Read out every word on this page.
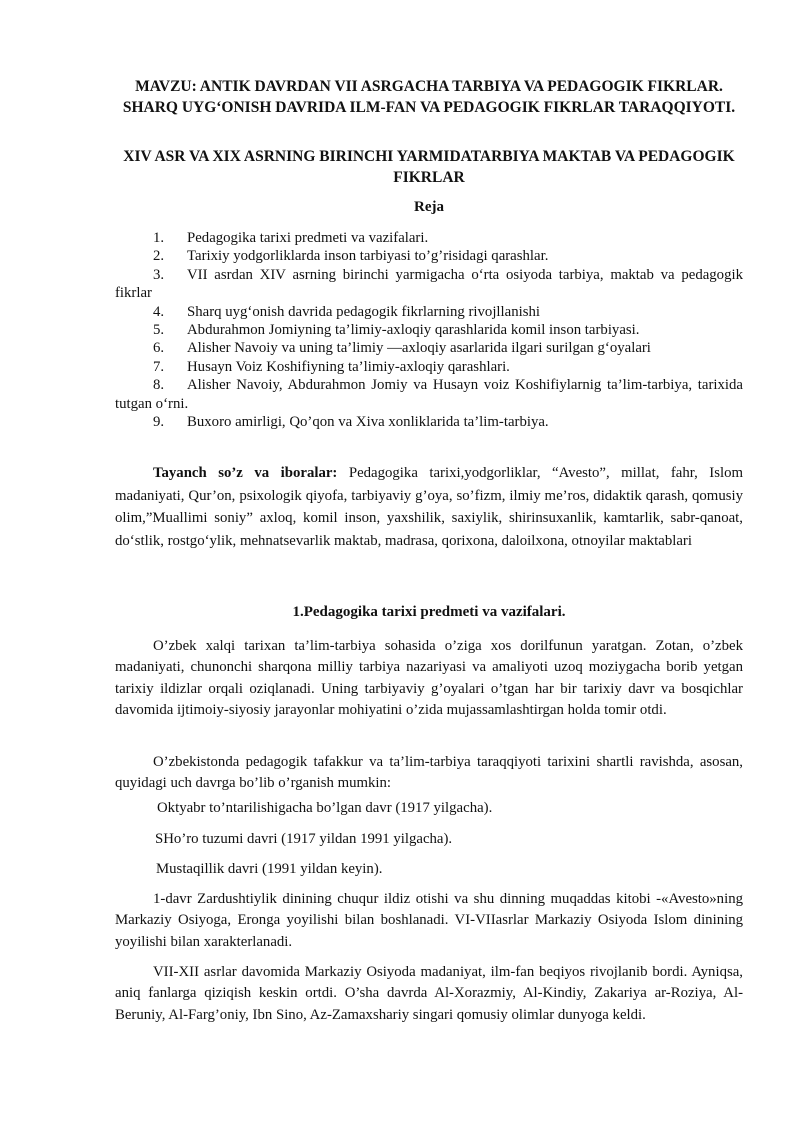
MAVZU: ANTIK DAVRDAN VII ASRGACHA TARBIYA VA PEDAGOGIK FIKRLAR. SHARQ UYG‘ONISH DAVRIDA ILM-FAN VA PEDAGOGIK FIKRLAR TARAQQIYOTI.
XIV ASR VA XIX ASRNING BIRINCHI YARMIDATARBIYA MAKTAB VA PEDAGOGIK FIKRLAR
Reja
1. Pedagogika tarixi predmeti va vazifalari.
2. Tarixiy yodgorliklarda inson tarbiyasi to’g’risidagi qarashlar.
3. VII asrdan XIV asrning birinchi yarmigacha o‘rta osiyoda tarbiya, maktab va pedagogik fikrlar
4. Sharq uyg‘onish davrida pedagogik fikrlarning rivojllanishi
5. Abdurahmon Jomiyning ta’limiy-axloqiy qarashlarida komil inson tarbiyasi.
6. Alisher Navoiy va uning ta’limiy —axloqiy asarlarida ilgari surilgan g‘oyalari
7. Husayn Voiz Koshifiyning ta’limiy-axloqiy qarashlari.
8. Alisher Navoiy, Abdurahmon Jomiy va Husayn voiz Koshifiylarnig ta’lim-tarbiya, tarixida tutgan o‘rni.
9. Buxoro amirligi, Qo’qon va Xiva xonliklarida ta’lim-tarbiya.

Tayanch so’z va iboralar: Pedagogika tarixi,yodgorliklar, “Avesto”, millat, fahr, Islom madaniyati, Qur’on, psixologik qiyofa, tarbiyaviy g’oya, so’fizm, ilmiy me’ros, didaktik qarash, qomusiy olim,”Muallimi soniy” axloq, komil inson, yaxshilik, saxiylik, shirinsuxanlik, kamtarlik, sabr-qanoat, do‘stlik, rostgo‘ylik, mehnatsevarlik maktab, madrasa, qorixona, daloilxona, otnoyilar maktablari

1.Pedagogika tarixi predmeti va vazifalari.

O’zbek xalqi tarixan ta’lim-tarbiya sohasida o’ziga xos dorilfunun yaratgan. Zotan, o’zbek madaniyati, chunonchi sharqona milliy tarbiya nazariyasi va amaliyoti uzoq moziygacha borib yetgan tarixiy ildizlar orqali oziqlanadi. Uning tarbiyaviy g’oyalari o’tgan har bir tarixiy davr va bosqichlar davomida ijtimoiy-siyosiy jarayonlar mohiyatini o’zida mujassamlashtirgan holda tomir otdi.

O’zbekistonda pedagogik tafakkur va ta’lim-tarbiya taraqqiyoti tarixini shartli ravishda, asosan, quyidagi uch davrga bo’lib o’rganish mumkin:

Oktyabr to’ntarilishigacha bo’lgan davr (1917 yilgacha).

SHo’ro tuzumi davri (1917 yildan 1991 yilgacha).

Mustaqillik davri (1991 yildan keyin).

1-davr Zardushtiylik dinining chuqur ildiz otishi va shu dinning muqaddas kitobi -«Avesto»ning Markaziy Osiyoga, Eronga yoyilishi bilan boshlanadi. VI-VIIasrlar Markaziy Osiyoda Islom dinining yoyilishi bilan xarakterlanadi.

VII-XII asrlar davomida Markaziy Osiyoda madaniyat, ilm-fan beqiyos rivojlanib bordi. Ayniqsa, aniq fanlarga qiziqish keskin ortdi. O’sha davrda Al-Xorazmiy, Al-Kindiy, Zakariya ar-Roziya, Al-Beruniy, Al-Farg’oniy, Ibn Sino, Az-Zamaxshariy singari qomusiy olimlar dunyoga keldi.
